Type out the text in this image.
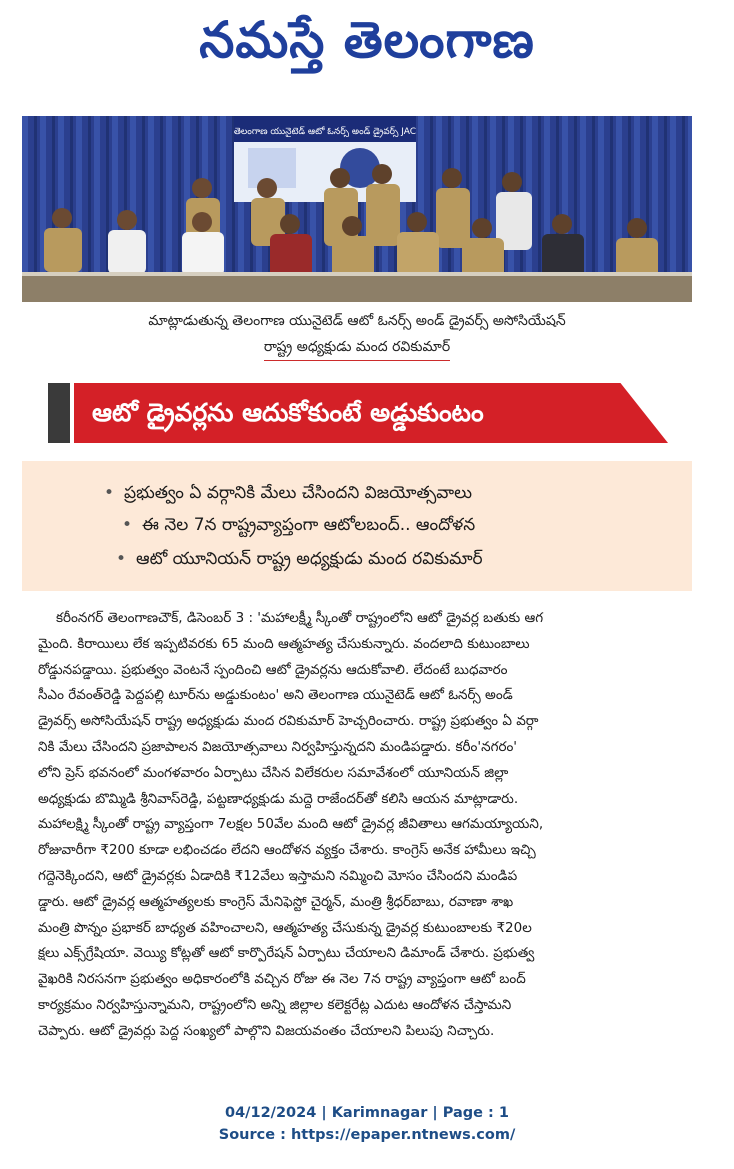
నమస్తే తెలంగాణ
తెలంగాణ యునైటెడ్ ఆటో ఓనర్స్ అండ్ డ్రైవర్స్ JAC
మాట్లాడుతున్న తెలంగాణ యునైటెడ్ ఆటో ఓనర్స్ అండ్ డ్రైవర్స్ అసోసియేషన్
రాష్ట్ర అధ్యక్షుడు మంద రవికుమార్
ఆటో డ్రైవర్లను ఆదుకోకుంటే అడ్డుకుంటం
• ప్రభుత్వం ఏ వర్గానికి మేలు చేసిందని విజయోత్సవాలు
• ఈ నెల 7న రాష్ట్రవ్యాప్తంగా ఆటోలబంద్.. ఆందోళన
• ఆటో యూనియన్ రాష్ట్ర అధ్యక్షుడు మంద రవికుమార్
కరీంనగర్ తెలంగాణచౌక్, డిసెంబర్ 3 : 'మహాలక్ష్మీ స్కీంతో రాష్ట్రంలోని ఆటో డ్రైవర్ల బతుకు ఆగ
మైంది. కిరాయిలు లేక ఇప్పటివరకు 65 మంది ఆత్మహత్య చేసుకున్నారు. వందలాది కుటుంబాలు
రోడ్డునపడ్డాయి. ప్రభుత్వం వెంటనే స్పందించి ఆటో డ్రైవర్లను ఆదుకోవాలి. లేదంటే బుధవారం
సీఎం రేవంత్‌రెడ్డి పెద్దపల్లి టూర్‌ను అడ్డుకుంటం' అని తెలంగాణ యునైటెడ్ ఆటో ఓనర్స్ అండ్
డ్రైవర్స్ అసోసియేషన్ రాష్ట్ర అధ్యక్షుడు మంద రవికుమార్ హెచ్చరించారు. రాష్ట్ర ప్రభుత్వం ఏ వర్గా
నికి మేలు చేసిందని ప్రజాపాలన విజయోత్సవాలు నిర్వహిస్తున్నదని మండిపడ్డారు. కరీం'నగరం'
లోని ప్రెస్ భవనంలో మంగళవారం ఏర్పాటు చేసిన విలేకరుల సమావేశంలో యూనియన్ జిల్లా
అధ్యక్షుడు బొమ్మిడి శ్రీనివాస్‌రెడ్డి, పట్టణాధ్యక్షుడు మద్దె రాజేందర్‌తో కలిసి ఆయన మాట్లాడారు.
మహాలక్ష్మి స్కీంతో రాష్ట్ర వ్యాప్తంగా 7లక్షల 50వేల మంది ఆటో డ్రైవర్ల జీవితాలు ఆగమయ్యాయని,
రోజువారీగా ₹200 కూడా లభించడం లేదని ఆందోళన వ్యక్తం చేశారు. కాంగ్రెస్ అనేక హామీలు ఇచ్చి
గద్దెనెక్కిందని, ఆటో డ్రైవర్లకు ఏడాదికి ₹12వేలు ఇస్తామని నమ్మించి మోసం చేసిందని మండిప
డ్డారు. ఆటో డ్రైవర్ల ఆత్మహత్యలకు కాంగ్రెస్ మేనిఫెస్టో చైర్మన్, మంత్రి శ్రీధర్‌బాబు, రవాణా శాఖ
మంత్రి పొన్నం ప్రభాకర్ బాధ్యత వహించాలని, ఆత్మహత్య చేసుకున్న డ్రైవర్ల కుటుంబాలకు ₹20ల
క్షలు ఎక్స్‌గ్రేషియా. వెయ్యి కోట్లతో ఆటో కార్పొరేషన్ ఏర్పాటు చేయాలని డిమాండ్ చేశారు. ప్రభుత్వ
వైఖరికి నిరసనగా ప్రభుత్వం అధికారంలోకి వచ్చిన రోజు ఈ నెల 7న రాష్ట్ర వ్యాప్తంగా ఆటో బంద్
కార్యక్రమం నిర్వహిస్తున్నామని, రాష్ట్రంలోని అన్ని జిల్లాల కలెక్టరేట్ల ఎదుట ఆందోళన చేస్తామని
చెప్పారు. ఆటో డ్రైవర్లు పెద్ద సంఖ్యలో పాల్గొని విజయవంతం చేయాలని పిలుపు నిచ్చారు.
04/12/2024 | Karimnagar | Page : 1
Source : https://epaper.ntnews.com/
